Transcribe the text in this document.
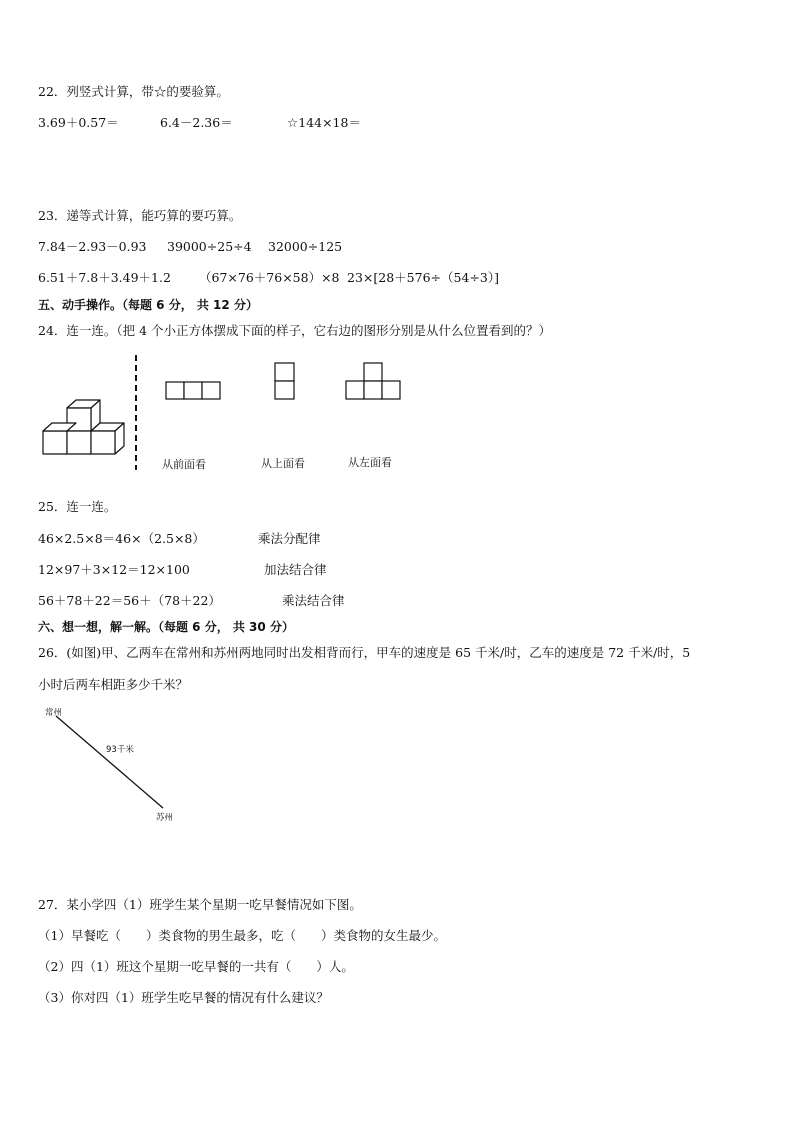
22．列竖式计算，带☆的要验算。
3.69＋0.57＝	6.4－2.36＝	☆144×18＝
23．递等式计算，能巧算的要巧算。
7.84－2.93－0.93 39000÷25÷4 32000÷125
6.51＋7.8＋3.49＋1.2 （67×76＋76×58）×8 23×[28＋576÷（54÷3）]
五、动手操作。（每题 6 分， 共 12 分）
24．连一连。（把 4 个小正方体摆成下面的样子，它右边的图形分别是从什么位置看到的？）
从前面看	从上面看	从左面看
25．连一连。
46×2.5×8＝46×（2.5×8）
12×97＋3×12＝12×100
56＋78＋22＝56＋（78＋22）
乘法分配律
加法结合律
乘法结合律
六、想一想，解一解。（每题 6 分， 共 30 分）
26．(如图)甲、乙两车在常州和苏州两地同时出发相背而行，甲车的速度是 65 千米/时，乙车的速度是 72 千米/时，5
小时后两车相距多少千米？
常州
93千米
苏州
27．某小学四（1）班学生某个星期一吃早餐情况如下图。
（1）早餐吃（　　）类食物的男生最多，吃（　　）类食物的女生最少。
（2）四（1）班这个星期一吃早餐的一共有（　　）人。
（3）你对四（1）班学生吃早餐的情况有什么建议？
